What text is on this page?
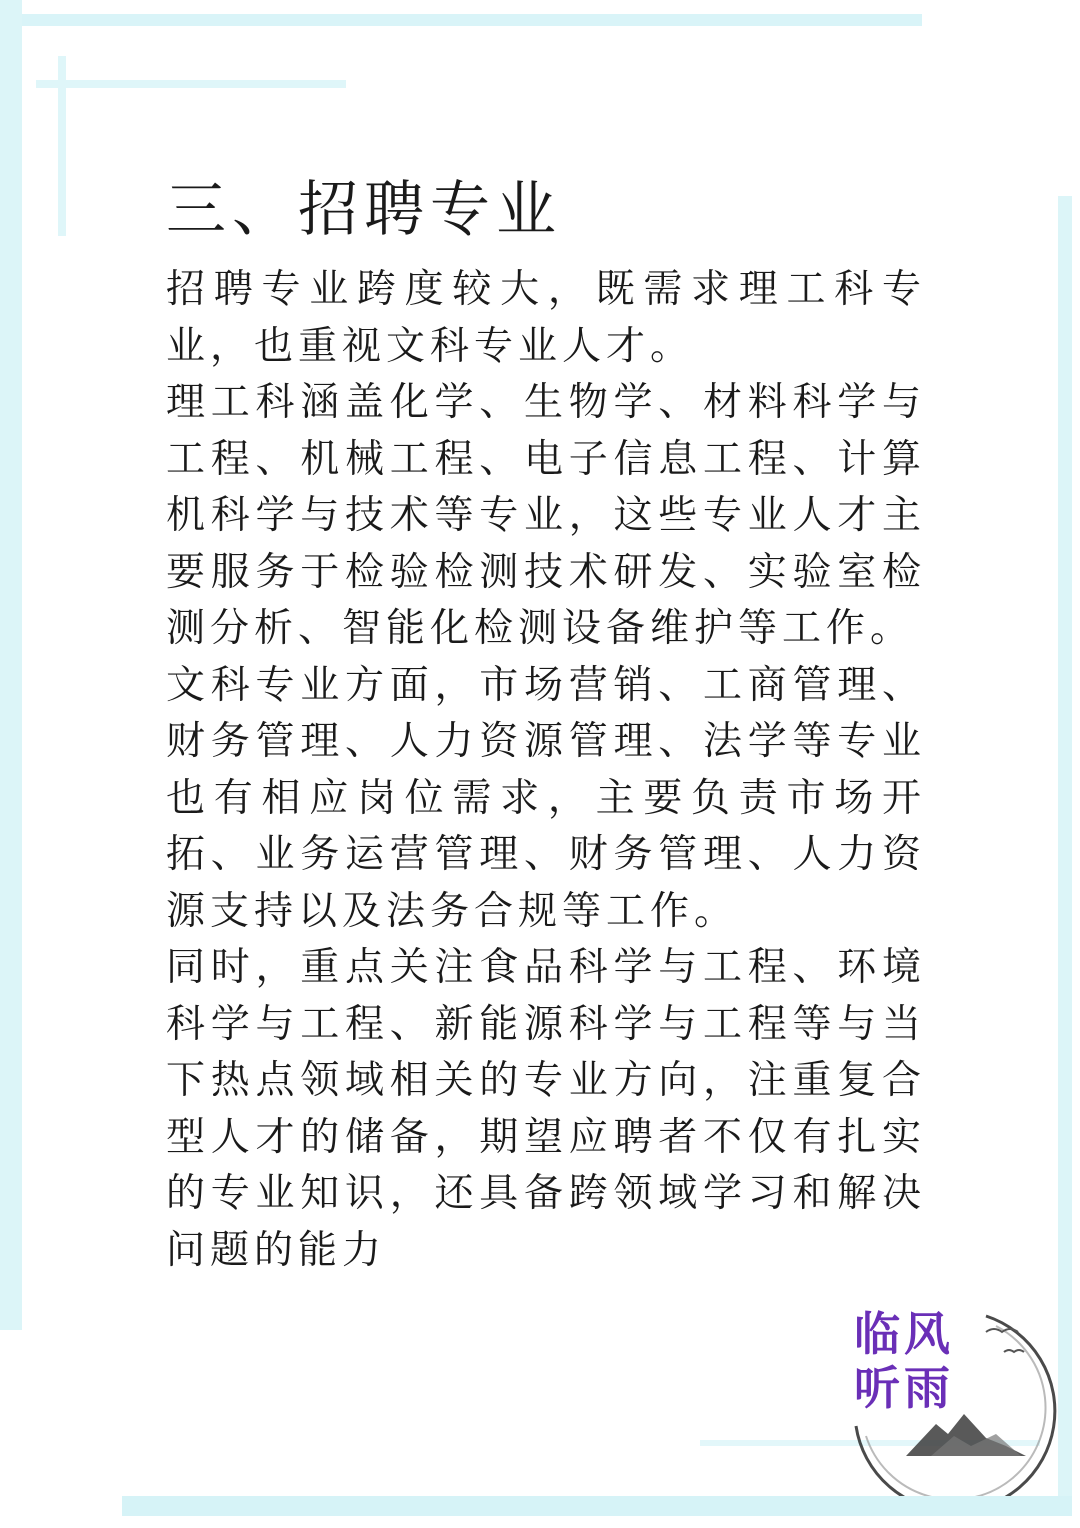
三、招聘专业

招聘专业跨度较大，既需求理工科专业，也重视文科专业人才。

理工科涵盖化学、生物学、材料科学与工程、机械工程、电子信息工程、计算机科学与技术等专业，这些专业人才主要服务于检验检测技术研发、实验室检测分析、智能化检测设备维护等工作。

文科专业方面，市场营销、工商管理、财务管理、人力资源管理、法学等专业也有相应岗位需求，主要负责市场开拓、业务运营管理、财务管理、人力资源支持以及法务合规等工作。

同时，重点关注食品科学与工程、环境科学与工程、新能源科学与工程等与当下热点领域相关的专业方向，注重复合型人才的储备，期望应聘者不仅有扎实的专业知识，还具备跨领域学习和解决问题的能力

临风
听雨
